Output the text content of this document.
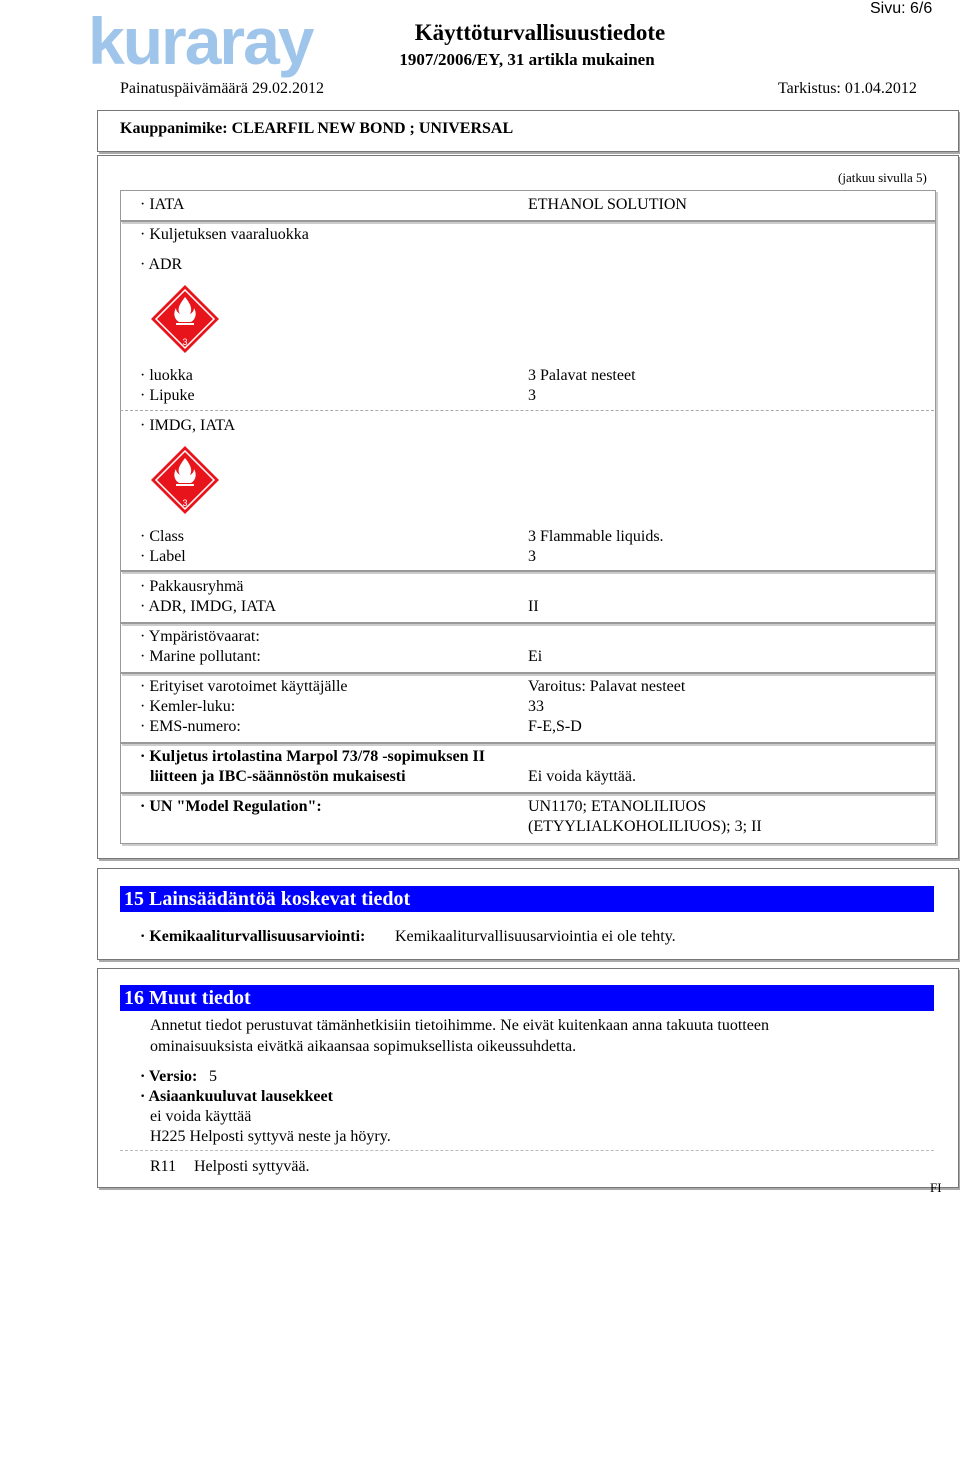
kuraray	Käyttöturvallisuustiedote
1907/2006/EY, 31 artikla mukainen
Sivu: 6/6
Painatuspäivämäärä 29.02.2012	Tarkistus: 01.04.2012
Kauppanimike: CLEARFIL NEW BOND ; UNIVERSAL
(jatkuu sivulla 5)
· IATA	ETHANOL SOLUTION
· Kuljetuksen vaaraluokka
· ADR
3
· luokka	3 Palavat nesteet
· Lipuke	3
· IMDG, IATA
3
· Class	3 Flammable liquids.
· Label	3
· Pakkausryhmä
· ADR, IMDG, IATA	II
· Ympäristövaarat:
· Marine pollutant:	Ei
· Erityiset varotoimet käyttäjälle	Varoitus: Palavat nesteet
· Kemler-luku:	33
· EMS-numero:	F-E,S-D
· Kuljetus irtolastina Marpol 73/78 -sopimuksen II
liitteen ja IBC-säännöstön mukaisesti	Ei voida käyttää.
· UN "Model Regulation":	UN1170; ETANOLILIUOS
(ETYYLIALKOHOLILIUOS); 3; II
15 Lainsäädäntöä koskevat tiedot
· Kemikaaliturvallisuusarviointi: Kemikaaliturvallisuusarviointia ei ole tehty.
16 Muut tiedot
Annetut tiedot perustuvat tämänhetkisiin tietoihimme. Ne eivät kuitenkaan anna takuuta tuotteen
ominaisuuksista eivätkä aikaansaa sopimuksellista oikeussuhdetta.
· Versio: 5
· Asiaankuuluvat lausekkeet
ei voida käyttää
H225 Helposti syttyvä neste ja höyry.
R11 Helposti syttyvää.
FI
